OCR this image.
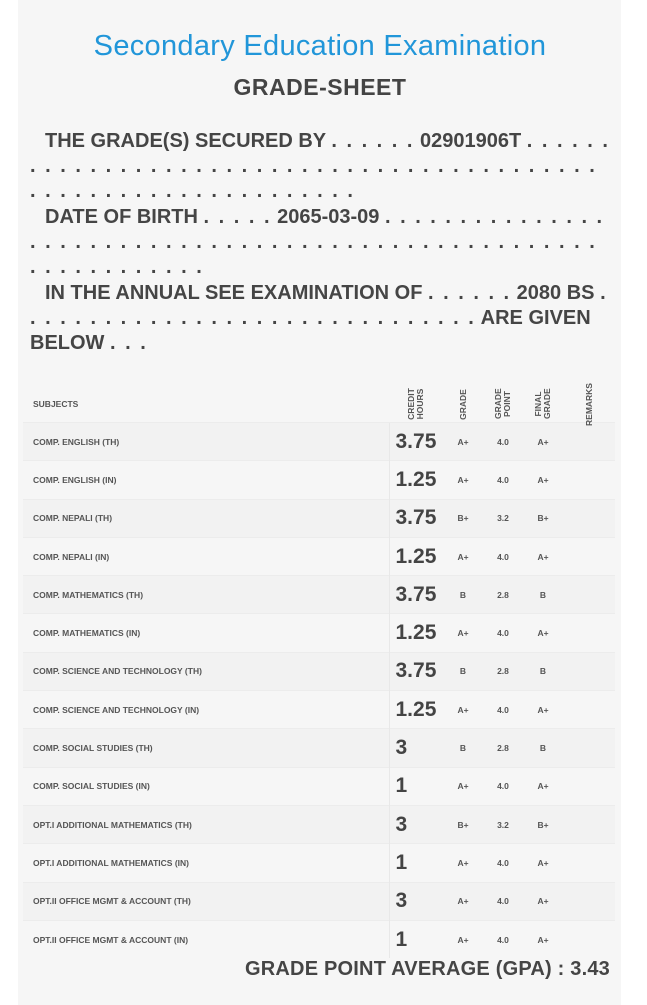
Secondary Education Examination
GRADE-SHEET
THE GRADE(S) SECURED BY . . . . . . 02901906T . . . . . . . . . . . . . . . . . . . . . . . . . . . . . . . . . . . . . . . . . . . . . . . . . . . . . . . . . . . . . . . . . .
DATE OF BIRTH . . . . . 2065-03-09 . . . . . . . . . . . . . . . . . . . . . . . . . . . . . . . . . . . . . . . . . . . . . . . . . . . . . . . . . . . . . . . . .
IN THE ANNUAL SEE EXAMINATION OF . . . . . . 2080 BS . . . . . . . . . . . . . . . . . . . . . . . . . . . . . . . ARE GIVEN BELOW . . .
SUBJECTS	CREDIT HOURS	GRADE	GRADE POINT	FINAL GRADE	REMARKS
COMP. ENGLISH (TH)	3.75	A+	4.0	A+	
COMP. ENGLISH (IN)	1.25	A+	4.0	A+	
COMP. NEPALI (TH)	3.75	B+	3.2	B+	
COMP. NEPALI (IN)	1.25	A+	4.0	A+	
COMP. MATHEMATICS (TH)	3.75	B	2.8	B	
COMP. MATHEMATICS (IN)	1.25	A+	4.0	A+	
COMP. SCIENCE AND TECHNOLOGY (TH)	3.75	B	2.8	B	
COMP. SCIENCE AND TECHNOLOGY (IN)	1.25	A+	4.0	A+	
COMP. SOCIAL STUDIES (TH)	3	B	2.8	B	
COMP. SOCIAL STUDIES (IN)	1	A+	4.0	A+	
OPT.I ADDITIONAL MATHEMATICS (TH)	3	B+	3.2	B+	
OPT.I ADDITIONAL MATHEMATICS (IN)	1	A+	4.0	A+	
OPT.II OFFICE MGMT & ACCOUNT (TH)	3	A+	4.0	A+	
OPT.II OFFICE MGMT & ACCOUNT (IN)	1	A+	4.0	A+	
GRADE POINT AVERAGE (GPA) : 3.43
